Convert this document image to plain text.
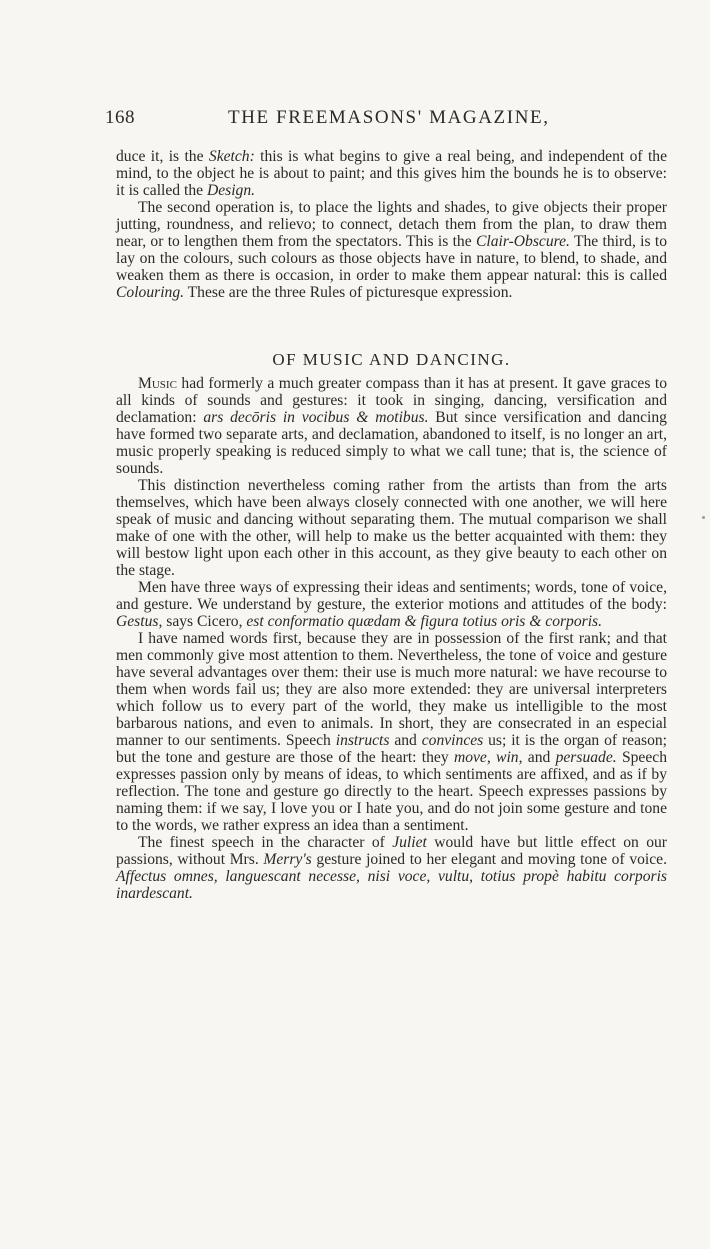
168	THE FREEMASONS' MAGAZINE,

duce it, is the Sketch: this is what begins to give a real being, and independent of the mind, to the object he is about to paint; and this gives him the bounds he is to observe: it is called the Design.

The second operation is, to place the lights and shades, to give objects their proper jutting, roundness, and relievo; to connect, detach them from the plan, to draw them near, or to lengthen them from the spectators. This is the Clair-Obscure. The third, is to lay on the colours, such colours as those objects have in nature, to blend, to shade, and weaken them as there is occasion, in order to make them appear natural: this is called Colouring. These are the three Rules of picturesque expression.

OF MUSIC AND DANCING.

Music had formerly a much greater compass than it has at present. It gave graces to all kinds of sounds and gestures: it took in singing, dancing, versification and declamation: ars decōris in vocibus & motibus. But since versification and dancing have formed two separate arts, and declamation, abandoned to itself, is no longer an art, music properly speaking is reduced simply to what we call tune; that is, the science of sounds.

This distinction nevertheless coming rather from the artists than from the arts themselves, which have been always closely connected with one another, we will here speak of music and dancing without separating them. The mutual comparison we shall make of one with the other, will help to make us the better acquainted with them: they will bestow light upon each other in this account, as they give beauty to each other on the stage.

Men have three ways of expressing their ideas and sentiments; words, tone of voice, and gesture. We understand by gesture, the exterior motions and attitudes of the body: Gestus, says Cicero, est conformatio quædam & figura totius oris & corporis.

I have named words first, because they are in possession of the first rank; and that men commonly give most attention to them. Nevertheless, the tone of voice and gesture have several advantages over them: their use is much more natural: we have recourse to them when words fail us; they are also more extended: they are universal interpreters which follow us to every part of the world, they make us intelligible to the most barbarous nations, and even to animals. In short, they are consecrated in an especial manner to our sentiments. Speech instructs and convinces us; it is the organ of reason; but the tone and gesture are those of the heart: they move, win, and persuade. Speech expresses passion only by means of ideas, to which sentiments are affixed, and as if by reflection. The tone and gesture go directly to the heart. Speech expresses passions by naming them: if we say, I love you or I hate you, and do not join some gesture and tone to the words, we rather express an idea than a sentiment.

The finest speech in the character of Juliet would have but little effect on our passions, without Mrs. Merry's gesture joined to her elegant and moving tone of voice. Affectus omnes, languescant necesse, nisi voce, vultu, totius propè habitu corporis inardescant.
